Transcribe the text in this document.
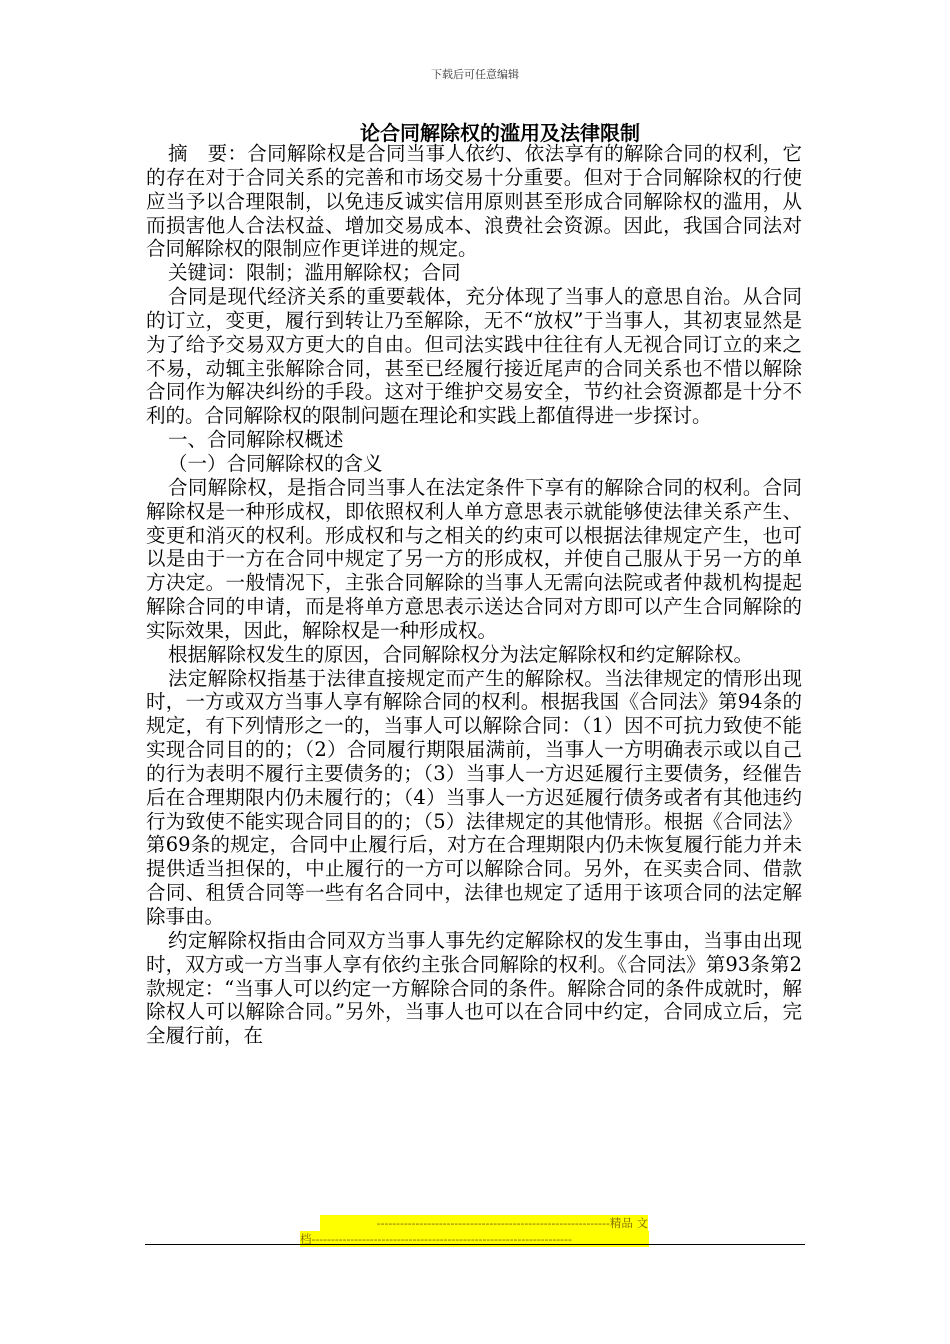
下载后可任意编辑
论合同解除权的滥用及法律限制

摘　要：合同解除权是合同当事人依约、依法享有的解除合同的权利，它的存在对于合同关系的完善和市场交易十分重要。但对于合同解除权的行使应当予以合理限制，以免违反诚实信用原则甚至形成合同解除权的滥用，从而损害他人合法权益、增加交易成本、浪费社会资源。因此，我国合同法对合同解除权的限制应作更详进的规定。

关键词：限制；滥用解除权；合同

合同是现代经济关系的重要载体，充分体现了当事人的意思自治。从合同的订立，变更，履行到转让乃至解除，无不“放权”于当事人，其初衷显然是为了给予交易双方更大的自由。但司法实践中往往有人无视合同订立的来之不易，动辄主张解除合同，甚至已经履行接近尾声的合同关系也不惜以解除合同作为解决纠纷的手段。这对于维护交易安全，节约社会资源都是十分不利的。合同解除权的限制问题在理论和实践上都值得进一步探讨。

一、合同解除权概述

（一）合同解除权的含义

合同解除权，是指合同当事人在法定条件下享有的解除合同的权利。合同解除权是一种形成权，即依照权利人单方意思表示就能够使法律关系产生、变更和消灭的权利。形成权和与之相关的约束可以根据法律规定产生，也可以是由于一方在合同中规定了另一方的形成权，并使自己服从于另一方的单方决定。一般情况下，主张合同解除的当事人无需向法院或者仲裁机构提起解除合同的申请，而是将单方意思表示送达合同对方即可以产生合同解除的实际效果，因此，解除权是一种形成权。

根据解除权发生的原因，合同解除权分为法定解除权和约定解除权。

法定解除权指基于法律直接规定而产生的解除权。当法律规定的情形出现时，一方或双方当事人享有解除合同的权利。根据我国《合同法》第94条的规定，有下列情形之一的，当事人可以解除合同：（1）因不可抗力致使不能实现合同目的的；（2）合同履行期限届满前，当事人一方明确表示或以自己的行为表明不履行主要债务的；（3）当事人一方迟延履行主要债务，经催告后在合理期限内仍未履行的；（4）当事人一方迟延履行债务或者有其他违约行为致使不能实现合同目的的；（5）法律规定的其他情形。根据《合同法》第69条的规定，合同中止履行后，对方在合理期限内仍未恢复履行能力并未提供适当担保的，中止履行的一方可以解除合同。另外，在买卖合同、借款合同、租赁合同等一些有名合同中，法律也规定了适用于该项合同的法定解除事由。

约定解除权指由合同双方当事人事先约定解除权的发生事由，当事由出现时，双方或一方当事人享有依约主张合同解除的权利。《合同法》第93条第2款规定：“当事人可以约定一方解除合同的条件。解除合同的条件成就时，解除权人可以解除合同。”另外，当事人也可以在合同中约定，合同成立后，完全履行前，在

------------------------------------------------------------精品 文
档-------------------------------------------------------------------
